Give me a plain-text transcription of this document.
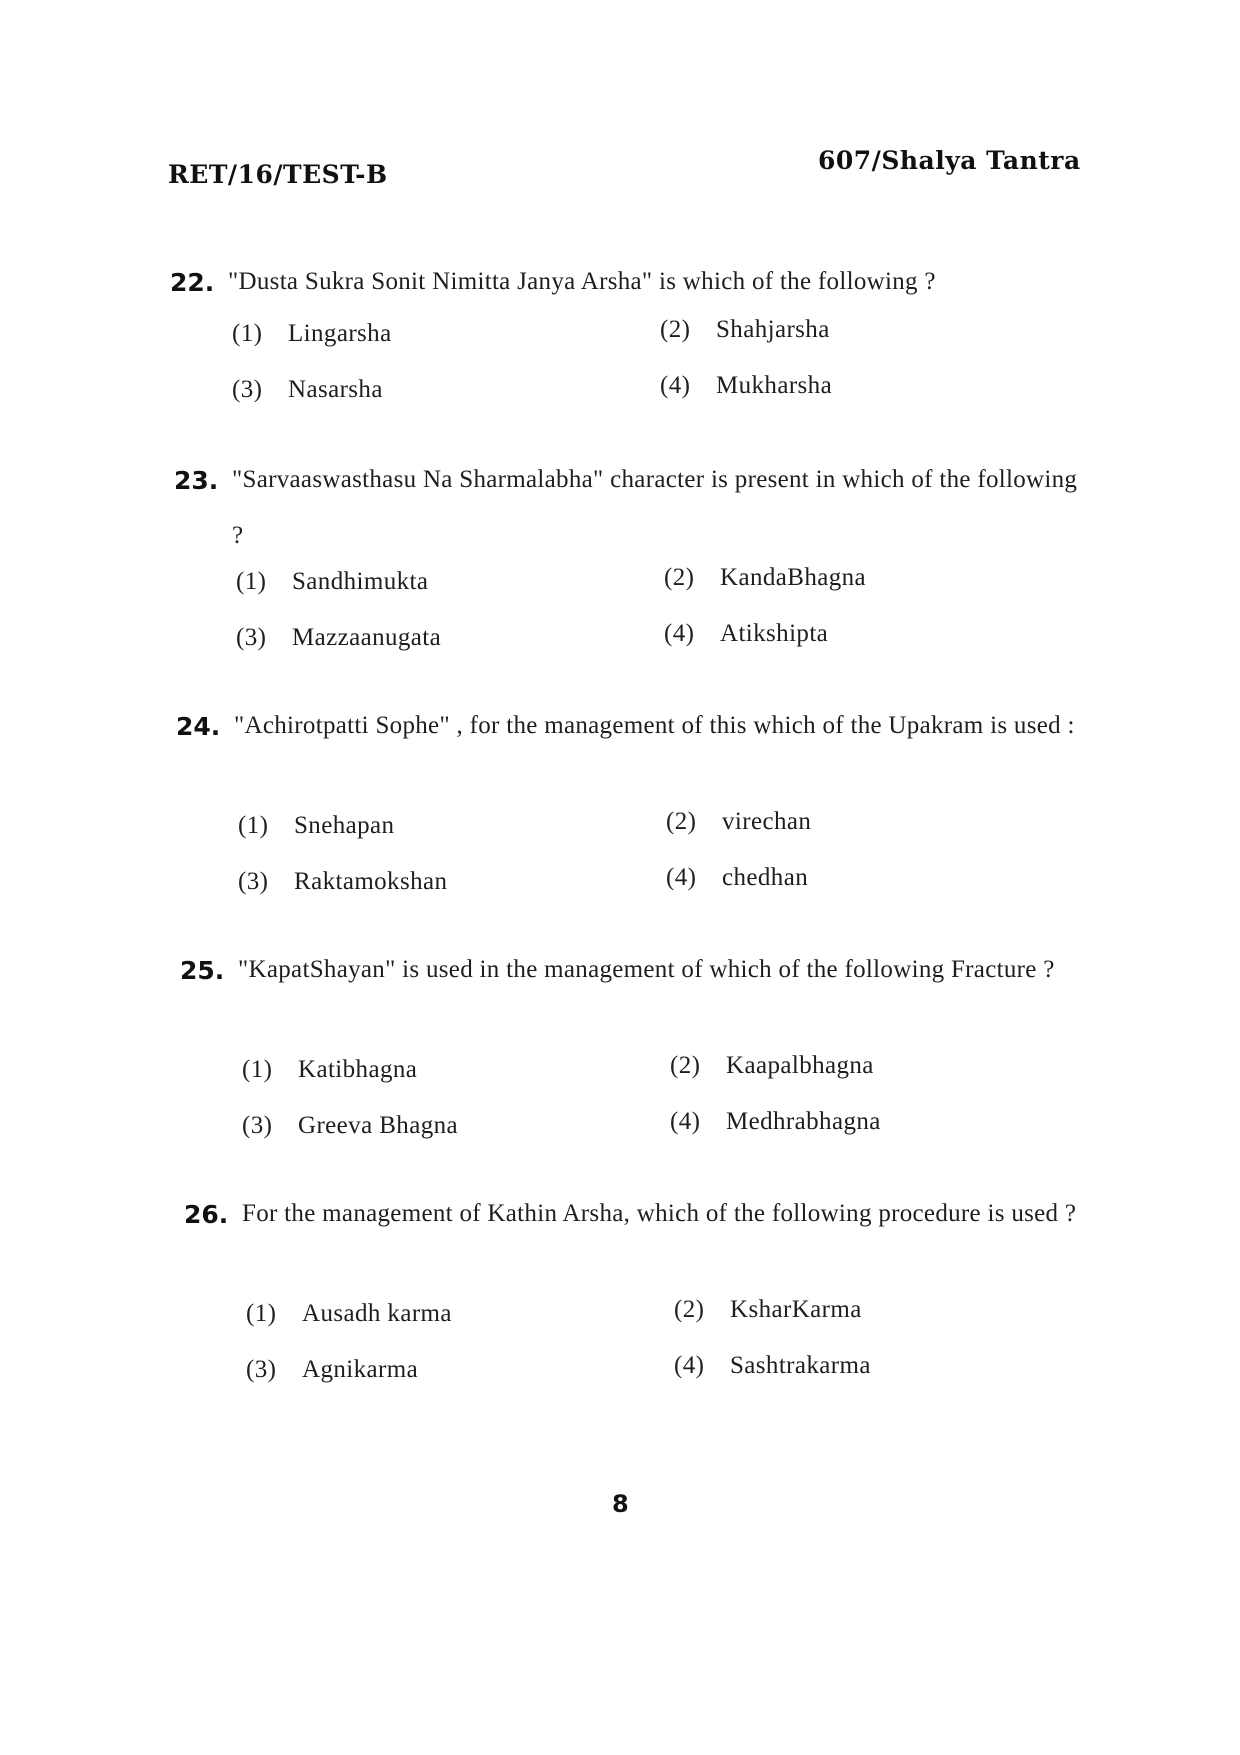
RET/16/TEST-B	607/Shalya Tantra
22. "Dusta Sukra Sonit Nimitta Janya Arsha" is which of the following ?
(1) Lingarsha	(2) Shahjarsha
(3) Nasarsha	(4) Mukharsha
23. "Sarvaaswasthasu Na Sharmalabha" character is present in which of the following ?
(1) Sandhimukta	(2) KandaBhagna
(3) Mazzaanugata	(4) Atikshipta
24. "Achirotpatti Sophe" , for the management of this which of the Upakram is used :
(1) Snehapan	(2) virechan
(3) Raktamokshan	(4) chedhan
25. "KapatShayan" is used in the management of which of the following Fracture ?
(1) Katibhagna	(2) Kaapalbhagna
(3) Greeva Bhagna	(4) Medhrabhagna
26. For the management of Kathin Arsha, which of the following procedure is used ?
(1) Ausadh karma	(2) KsharKarma
(3) Agnikarma	(4) Sashtrakarma
8
